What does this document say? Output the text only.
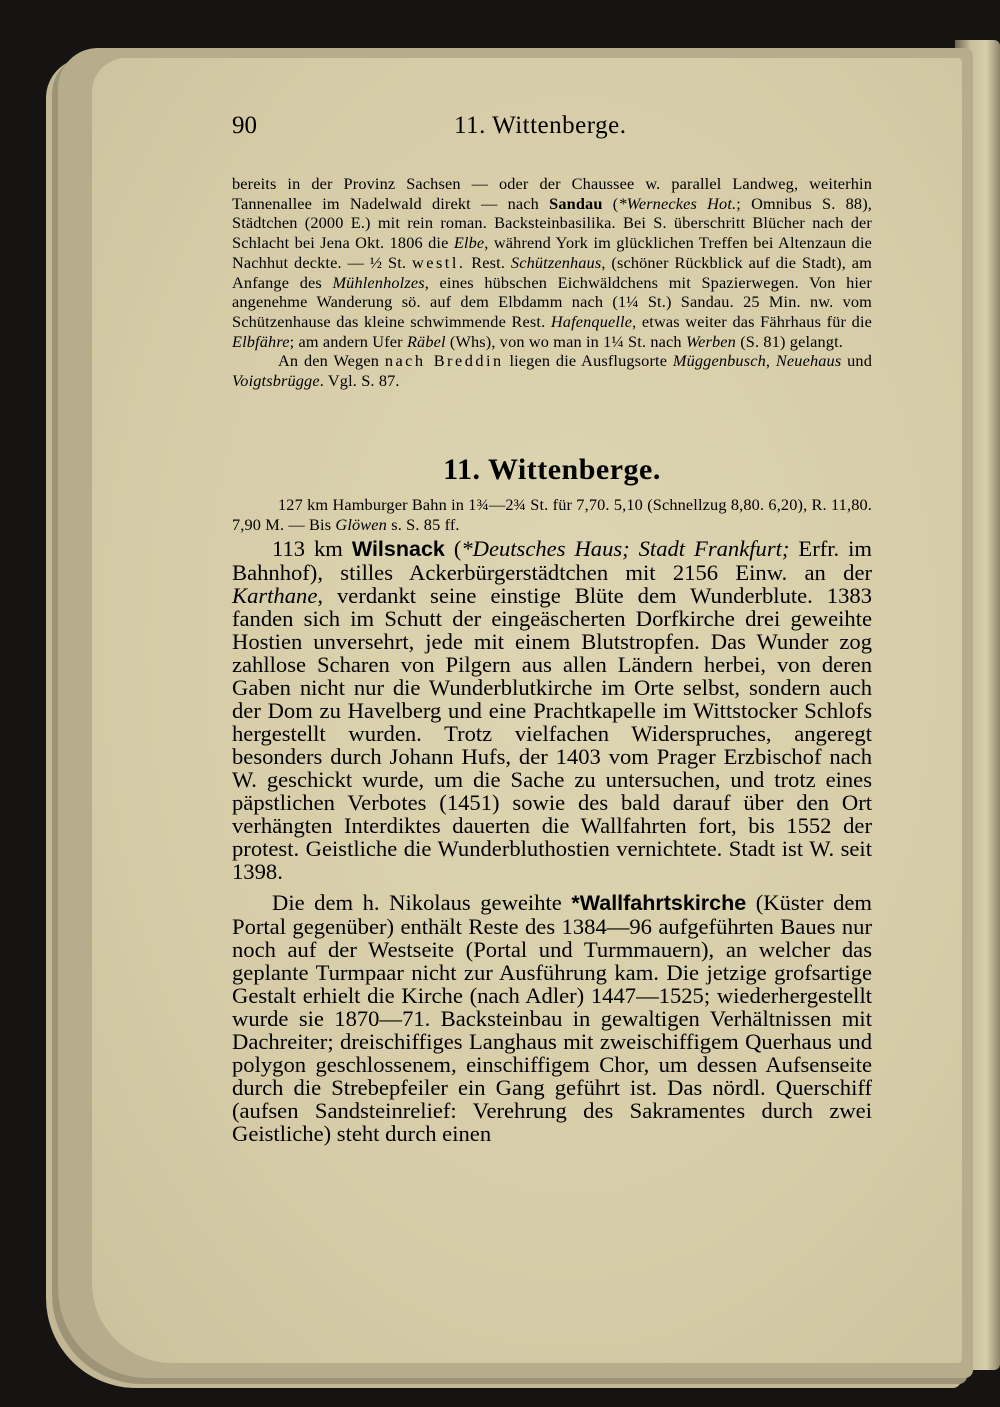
90	11. Wittenberge.

bereits in der Provinz Sachsen — oder der Chaussee w. parallel Landweg, weiterhin Tannenallee im Nadelwald direkt — nach Sandau (*Werneckes Hot.; Omnibus S. 88), Städtchen (2000 E.) mit rein roman. Backsteinbasilika. Bei S. überschritt Blücher nach der Schlacht bei Jena Okt. 1806 die Elbe, während York im glücklichen Treffen bei Altenzaun die Nachhut deckte. — ½ St. westl. Rest. Schützenhaus, (schöner Rückblick auf die Stadt), am Anfange des Mühlenholzes, eines hübschen Eichwäldchens mit Spazierwegen. Von hier angenehme Wanderung sö. auf dem Elbdamm nach (1¼ St.) Sandau. 25 Min. nw. vom Schützenhause das kleine schwimmende Rest. Hafenquelle, etwas weiter das Fährhaus für die Elbfähre; am andern Ufer Räbel (Whs), von wo man in 1¼ St. nach Werben (S. 81) gelangt.

An den Wegen nach Breddin liegen die Ausflugsorte Müggenbusch, Neuehaus und Voigtsbrügge. Vgl. S. 87.

11. Wittenberge.

127 km Hamburger Bahn in 1¾—2¾ St. für 7,70. 5,10 (Schnellzug 8,80. 6,20), R. 11,80. 7,90 M. — Bis Glöwen s. S. 85 ff.

113 km Wilsnack (*Deutsches Haus; Stadt Frankfurt; Erfr. im Bahnhof), stilles Ackerbürgerstädtchen mit 2156 Einw. an der Karthane, verdankt seine einstige Blüte dem Wunderblute. 1383 fanden sich im Schutt der eingeäscherten Dorfkirche drei geweihte Hostien unversehrt, jede mit einem Blutstropfen. Das Wunder zog zahllose Scharen von Pilgern aus allen Ländern herbei, von deren Gaben nicht nur die Wunderblutkirche im Orte selbst, sondern auch der Dom zu Havelberg und eine Prachtkapelle im Wittstocker Schlofs hergestellt wurden. Trotz vielfachen Widerspruches, angeregt besonders durch Johann Hufs, der 1403 vom Prager Erzbischof nach W. geschickt wurde, um die Sache zu untersuchen, und trotz eines päpstlichen Verbotes (1451) sowie des bald darauf über den Ort verhängten Interdiktes dauerten die Wallfahrten fort, bis 1552 der protest. Geistliche die Wunderbluthostien vernichtete. Stadt ist W. seit 1398.

Die dem h. Nikolaus geweihte *Wallfahrtskirche (Küster dem Portal gegenüber) enthält Reste des 1384—96 aufgeführten Baues nur noch auf der Westseite (Portal und Turmmauern), an welcher das geplante Turmpaar nicht zur Ausführung kam. Die jetzige grofsartige Gestalt erhielt die Kirche (nach Adler) 1447—1525; wiederhergestellt wurde sie 1870—71. Backsteinbau in gewaltigen Verhältnissen mit Dachreiter; dreischiffiges Langhaus mit zweischiffigem Querhaus und polygon geschlossenem, einschiffigem Chor, um dessen Aufsenseite durch die Strebepfeiler ein Gang geführt ist. Das nördl. Querschiff (aufsen Sandsteinrelief: Verehrung des Sakramentes durch zwei Geistliche) steht durch einen
